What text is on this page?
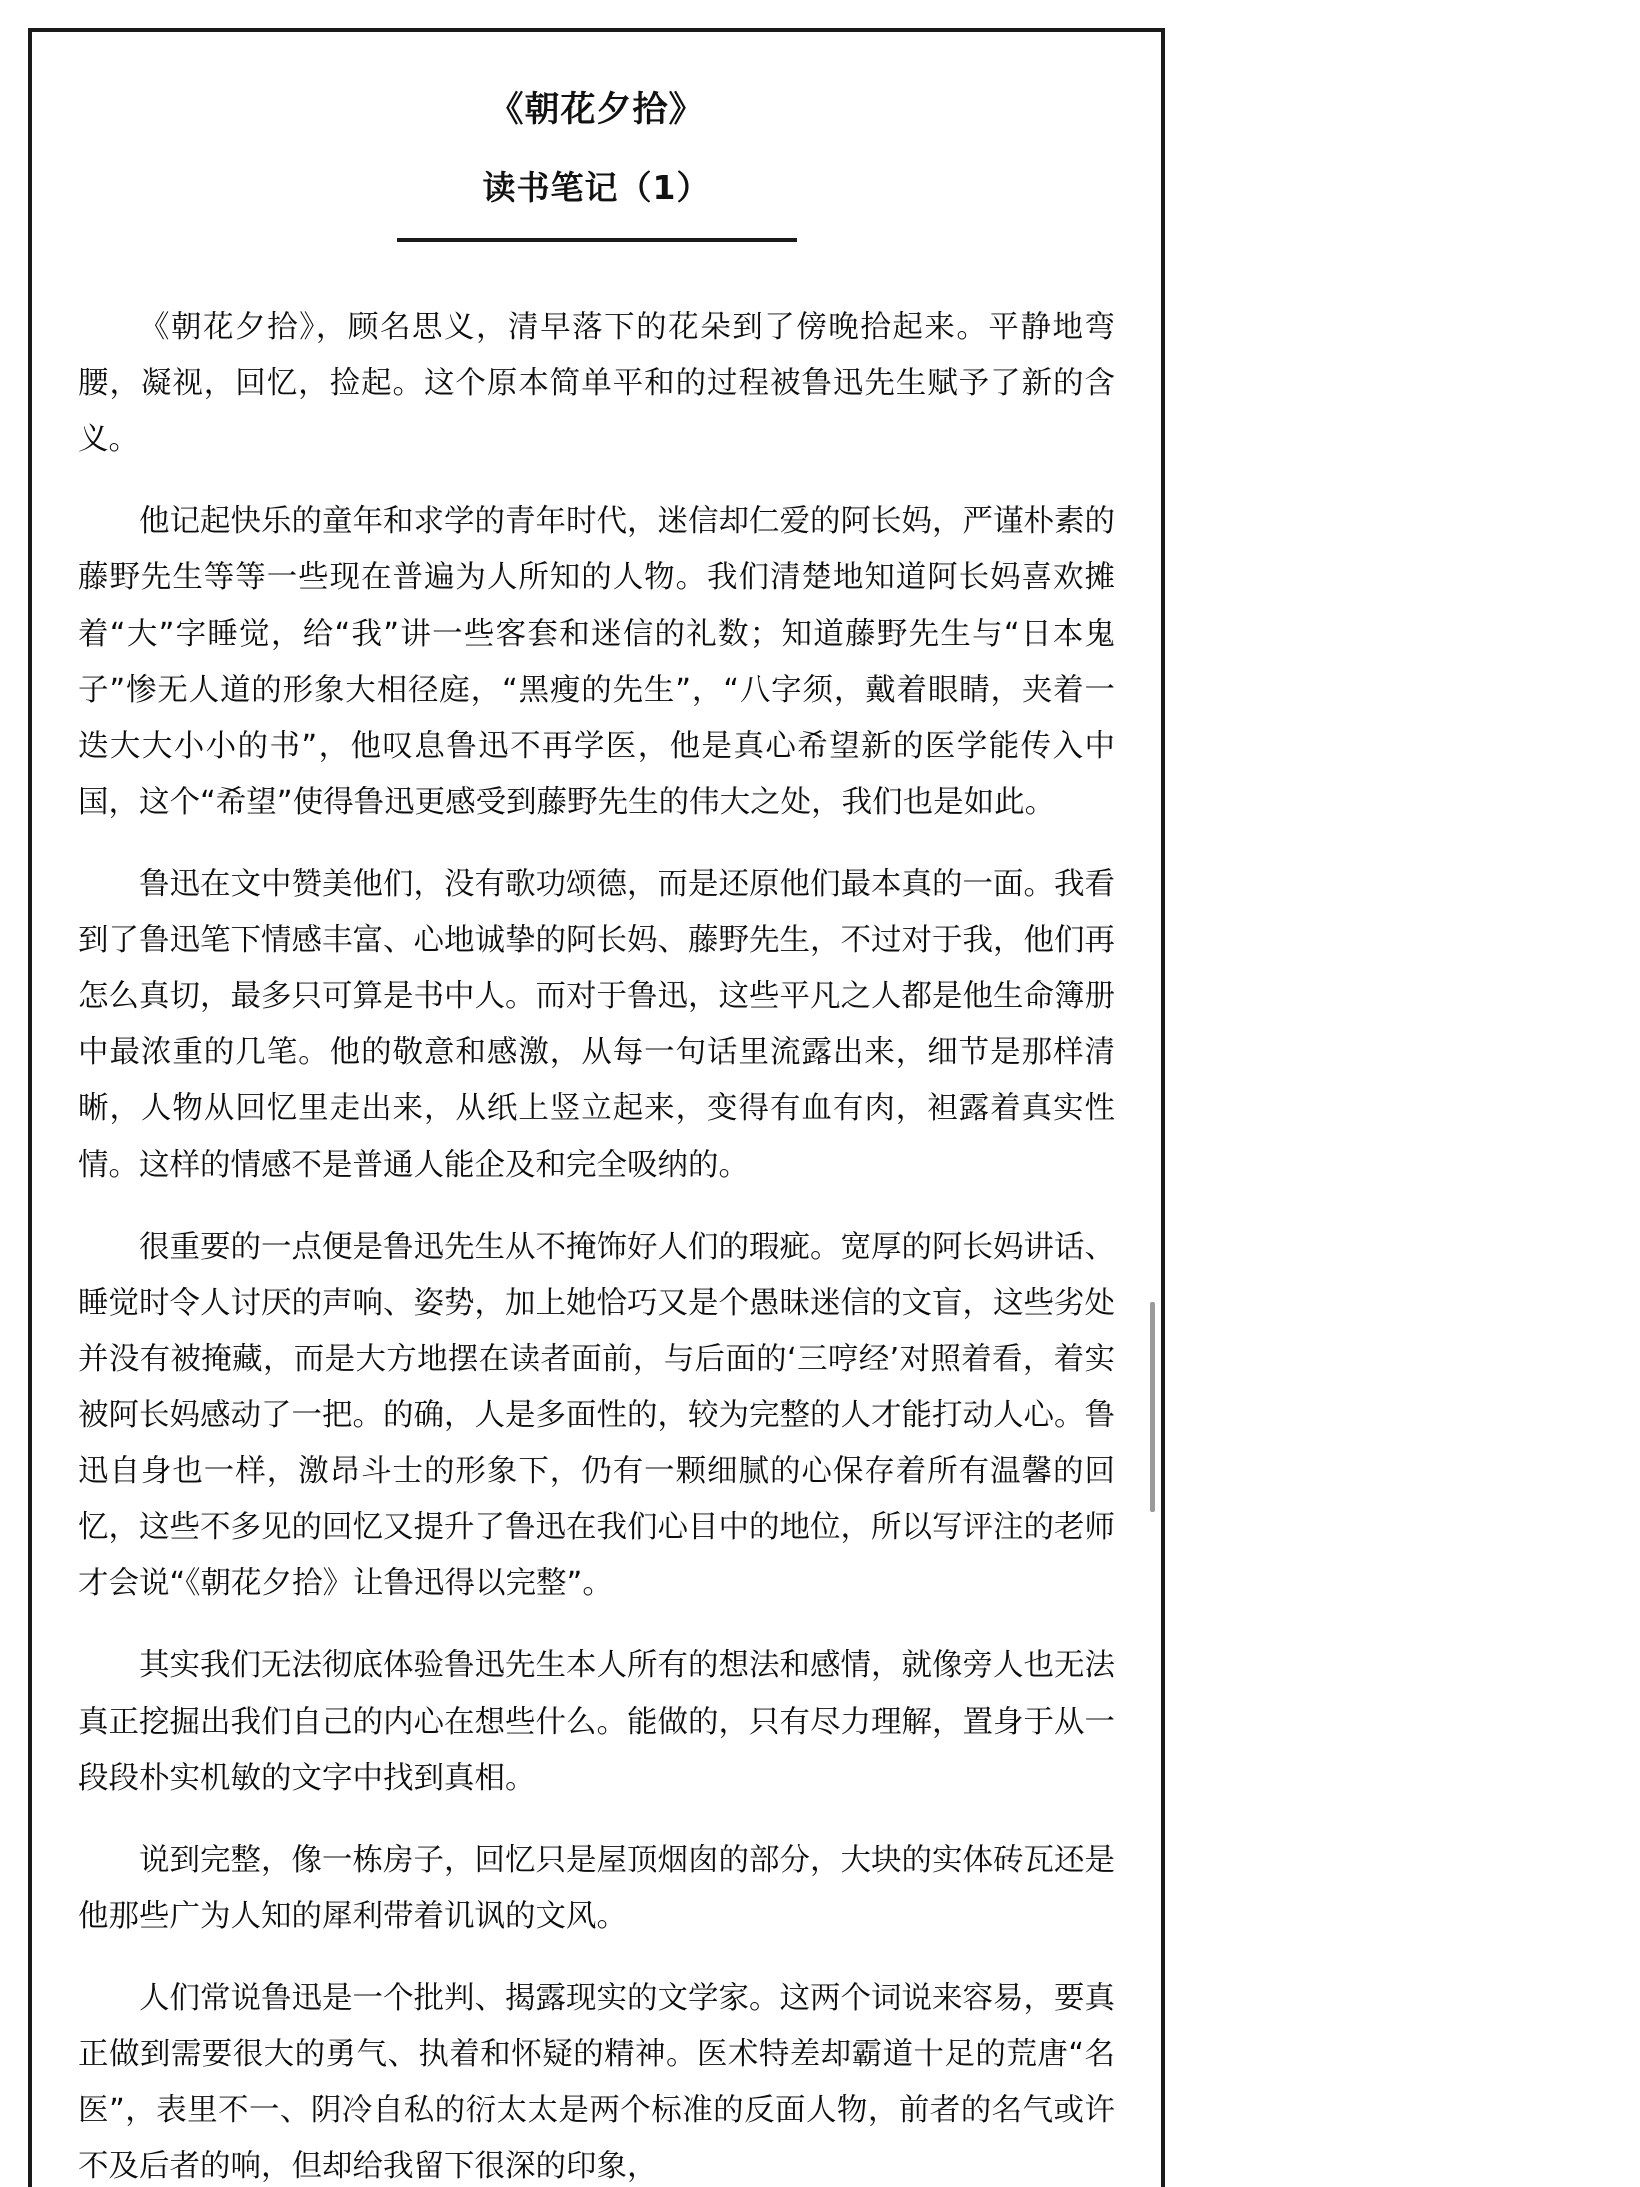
《朝花夕拾》
读书笔记（1）

《朝花夕拾》，顾名思义，清早落下的花朵到了傍晚拾起来。平静地弯腰，凝视，回忆，捡起。这个原本简单平和的过程被鲁迅先生赋予了新的含义。

他记起快乐的童年和求学的青年时代，迷信却仁爱的阿长妈，严谨朴素的藤野先生等等一些现在普遍为人所知的人物。我们清楚地知道阿长妈喜欢摊着“大”字睡觉，给“我”讲一些客套和迷信的礼数；知道藤野先生与“日本鬼子”惨无人道的形象大相径庭，“黑瘦的先生”，“八字须，戴着眼睛，夹着一迭大大小小的书”，他叹息鲁迅不再学医，他是真心希望新的医学能传入中国，这个“希望”使得鲁迅更感受到藤野先生的伟大之处，我们也是如此。

鲁迅在文中赞美他们，没有歌功颂德，而是还原他们最本真的一面。我看到了鲁迅笔下情感丰富、心地诚挚的阿长妈、藤野先生，不过对于我，他们再怎么真切，最多只可算是书中人。而对于鲁迅，这些平凡之人都是他生命簿册中最浓重的几笔。他的敬意和感激，从每一句话里流露出来，细节是那样清晰，人物从回忆里走出来，从纸上竖立起来，变得有血有肉，袒露着真实性情。这样的情感不是普通人能企及和完全吸纳的。

很重要的一点便是鲁迅先生从不掩饰好人们的瑕疵。宽厚的阿长妈讲话、睡觉时令人讨厌的声响、姿势，加上她恰巧又是个愚昧迷信的文盲，这些劣处并没有被掩藏，而是大方地摆在读者面前，与后面的‘三哼经’对照着看，着实被阿长妈感动了一把。的确，人是多面性的，较为完整的人才能打动人心。鲁迅自身也一样，激昂斗士的形象下，仍有一颗细腻的心保存着所有温馨的回忆，这些不多见的回忆又提升了鲁迅在我们心目中的地位，所以写评注的老师才会说“《朝花夕拾》让鲁迅得以完整”。

其实我们无法彻底体验鲁迅先生本人所有的想法和感情，就像旁人也无法真正挖掘出我们自己的内心在想些什么。能做的，只有尽力理解，置身于从一段段朴实机敏的文字中找到真相。

说到完整，像一栋房子，回忆只是屋顶烟囱的部分，大块的实体砖瓦还是他那些广为人知的犀利带着讥讽的文风。

人们常说鲁迅是一个批判、揭露现实的文学家。这两个词说来容易，要真正做到需要很大的勇气、执着和怀疑的精神。医术特差却霸道十足的荒唐“名医”，表里不一、阴冷自私的衍太太是两个标准的反面人物，前者的名气或许不及后者的响，但却给我留下很深的印象，
